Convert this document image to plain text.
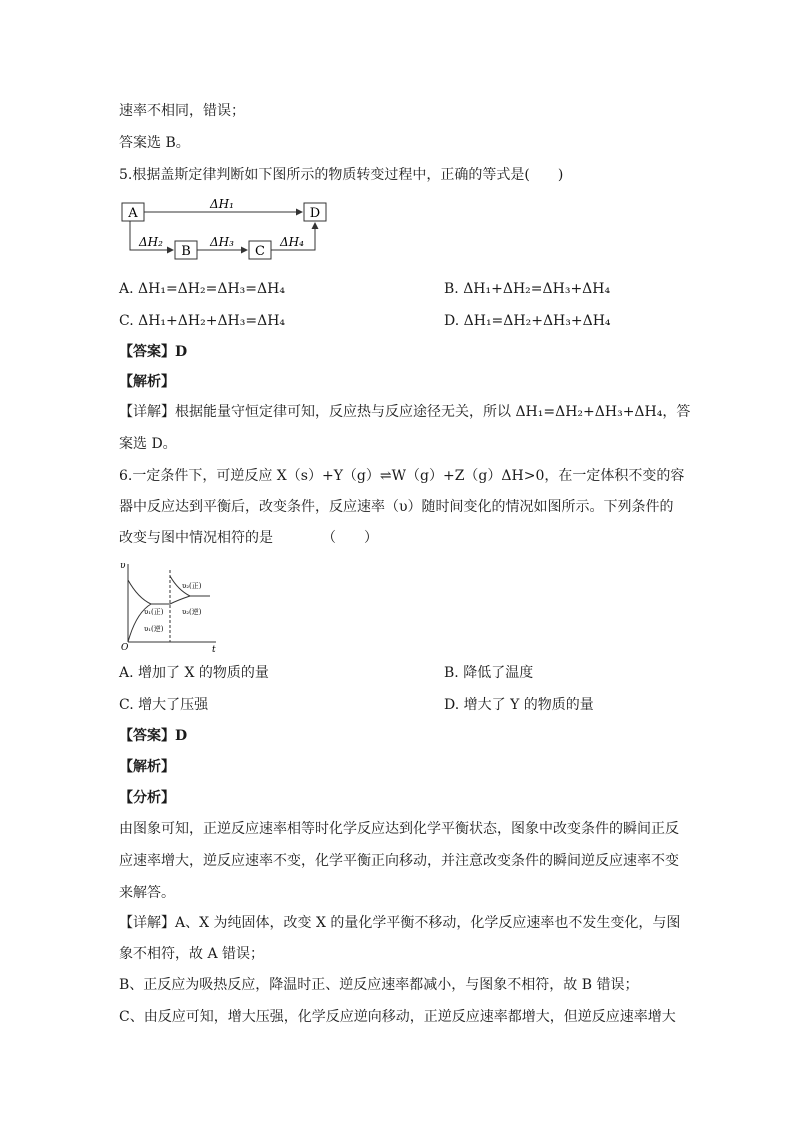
速率不相同，错误；
答案选 B。
5.根据盖斯定律判断如下图所示的物质转变过程中，正确的等式是(　　)
A	D
B	C
ΔH₁
ΔH₂	ΔH₃	ΔH₄
A. ΔH₁=ΔH₂=ΔH₃=ΔH₄	B. ΔH₁+ΔH₂=ΔH₃+ΔH₄
C. ΔH₁+ΔH₂+ΔH₃=ΔH₄	D. ΔH₁=ΔH₂+ΔH₃+ΔH₄
【答案】D
【解析】
【详解】根据能量守恒定律可知，反应热与反应途径无关，所以 ΔH₁=ΔH₂+ΔH₃+ΔH₄，答
案选 D。
6.一定条件下，可逆反应 X（s）+Y（g）⇌W（g）+Z（g）ΔH>0，在一定体积不变的容
器中反应达到平衡后，改变条件，反应速率（υ）随时间变化的情况如图所示。下列条件的
改变与图中情况相符的是　　　　（　　）
υ
t
O
υ₁(正)
υ₁(逆)
υ₂(正)
υ₂(逆)
A. 增加了 X 的物质的量	B. 降低了温度
C. 增大了压强	D. 增大了 Y 的物质的量
【答案】D
【解析】
【分析】
由图象可知，正逆反应速率相等时化学反应达到化学平衡状态，图象中改变条件的瞬间正反
应速率增大，逆反应速率不变，化学平衡正向移动，并注意改变条件的瞬间逆反应速率不变
来解答。
【详解】A、X 为纯固体，改变 X 的量化学平衡不移动，化学反应速率也不发生变化，与图
象不相符，故 A 错误；
B、正反应为吸热反应，降温时正、逆反应速率都减小，与图象不相符，故 B 错误；
C、由反应可知，增大压强，化学反应逆向移动，正逆反应速率都增大，但逆反应速率增大
